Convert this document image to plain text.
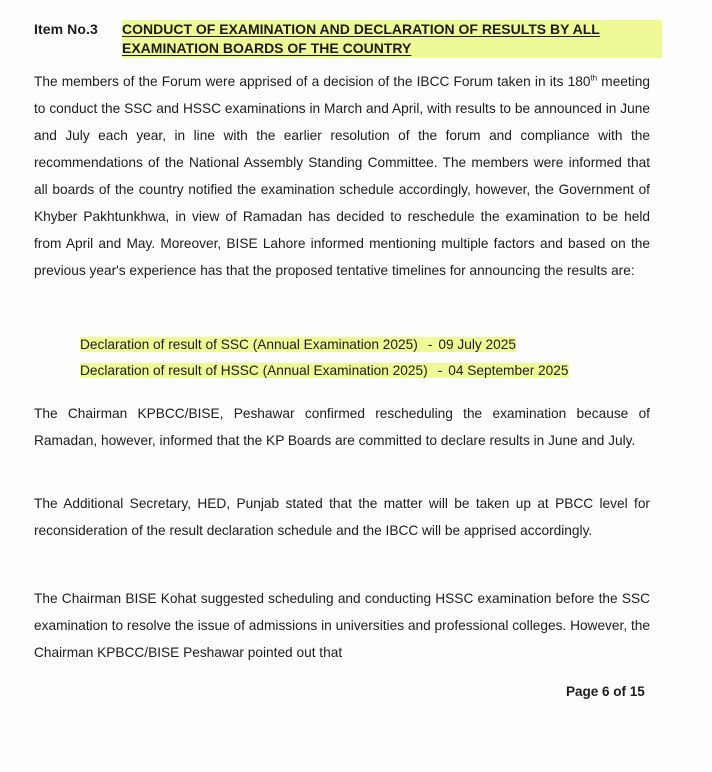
Item No.3 CONDUCT OF EXAMINATION AND DECLARATION OF RESULTS BY ALL EXAMINATION BOARDS OF THE COUNTRY

The members of the Forum were apprised of a decision of the IBCC Forum taken in its 180th meeting to conduct the SSC and HSSC examinations in March and April, with results to be announced in June and July each year, in line with the earlier resolution of the forum and compliance with the recommendations of the National Assembly Standing Committee. The members were informed that all boards of the country notified the examination schedule accordingly, however, the Government of Khyber Pakhtunkhwa, in view of Ramadan has decided to reschedule the examination to be held from April and May. Moreover, BISE Lahore informed mentioning multiple factors and based on the previous year's experience has that the proposed tentative timelines for announcing the results are:

Declaration of result of SSC (Annual Examination 2025) - 09 July 2025
Declaration of result of HSSC (Annual Examination 2025) - 04 September 2025

The Chairman KPBCC/BISE, Peshawar confirmed rescheduling the examination because of Ramadan, however, informed that the KP Boards are committed to declare results in June and July.

The Additional Secretary, HED, Punjab stated that the matter will be taken up at PBCC level for reconsideration of the result declaration schedule and the IBCC will be apprised accordingly.

The Chairman BISE Kohat suggested scheduling and conducting HSSC examination before the SSC examination to resolve the issue of admissions in universities and professional colleges. However, the Chairman KPBCC/BISE Peshawar pointed out that

Page 6 of 15
